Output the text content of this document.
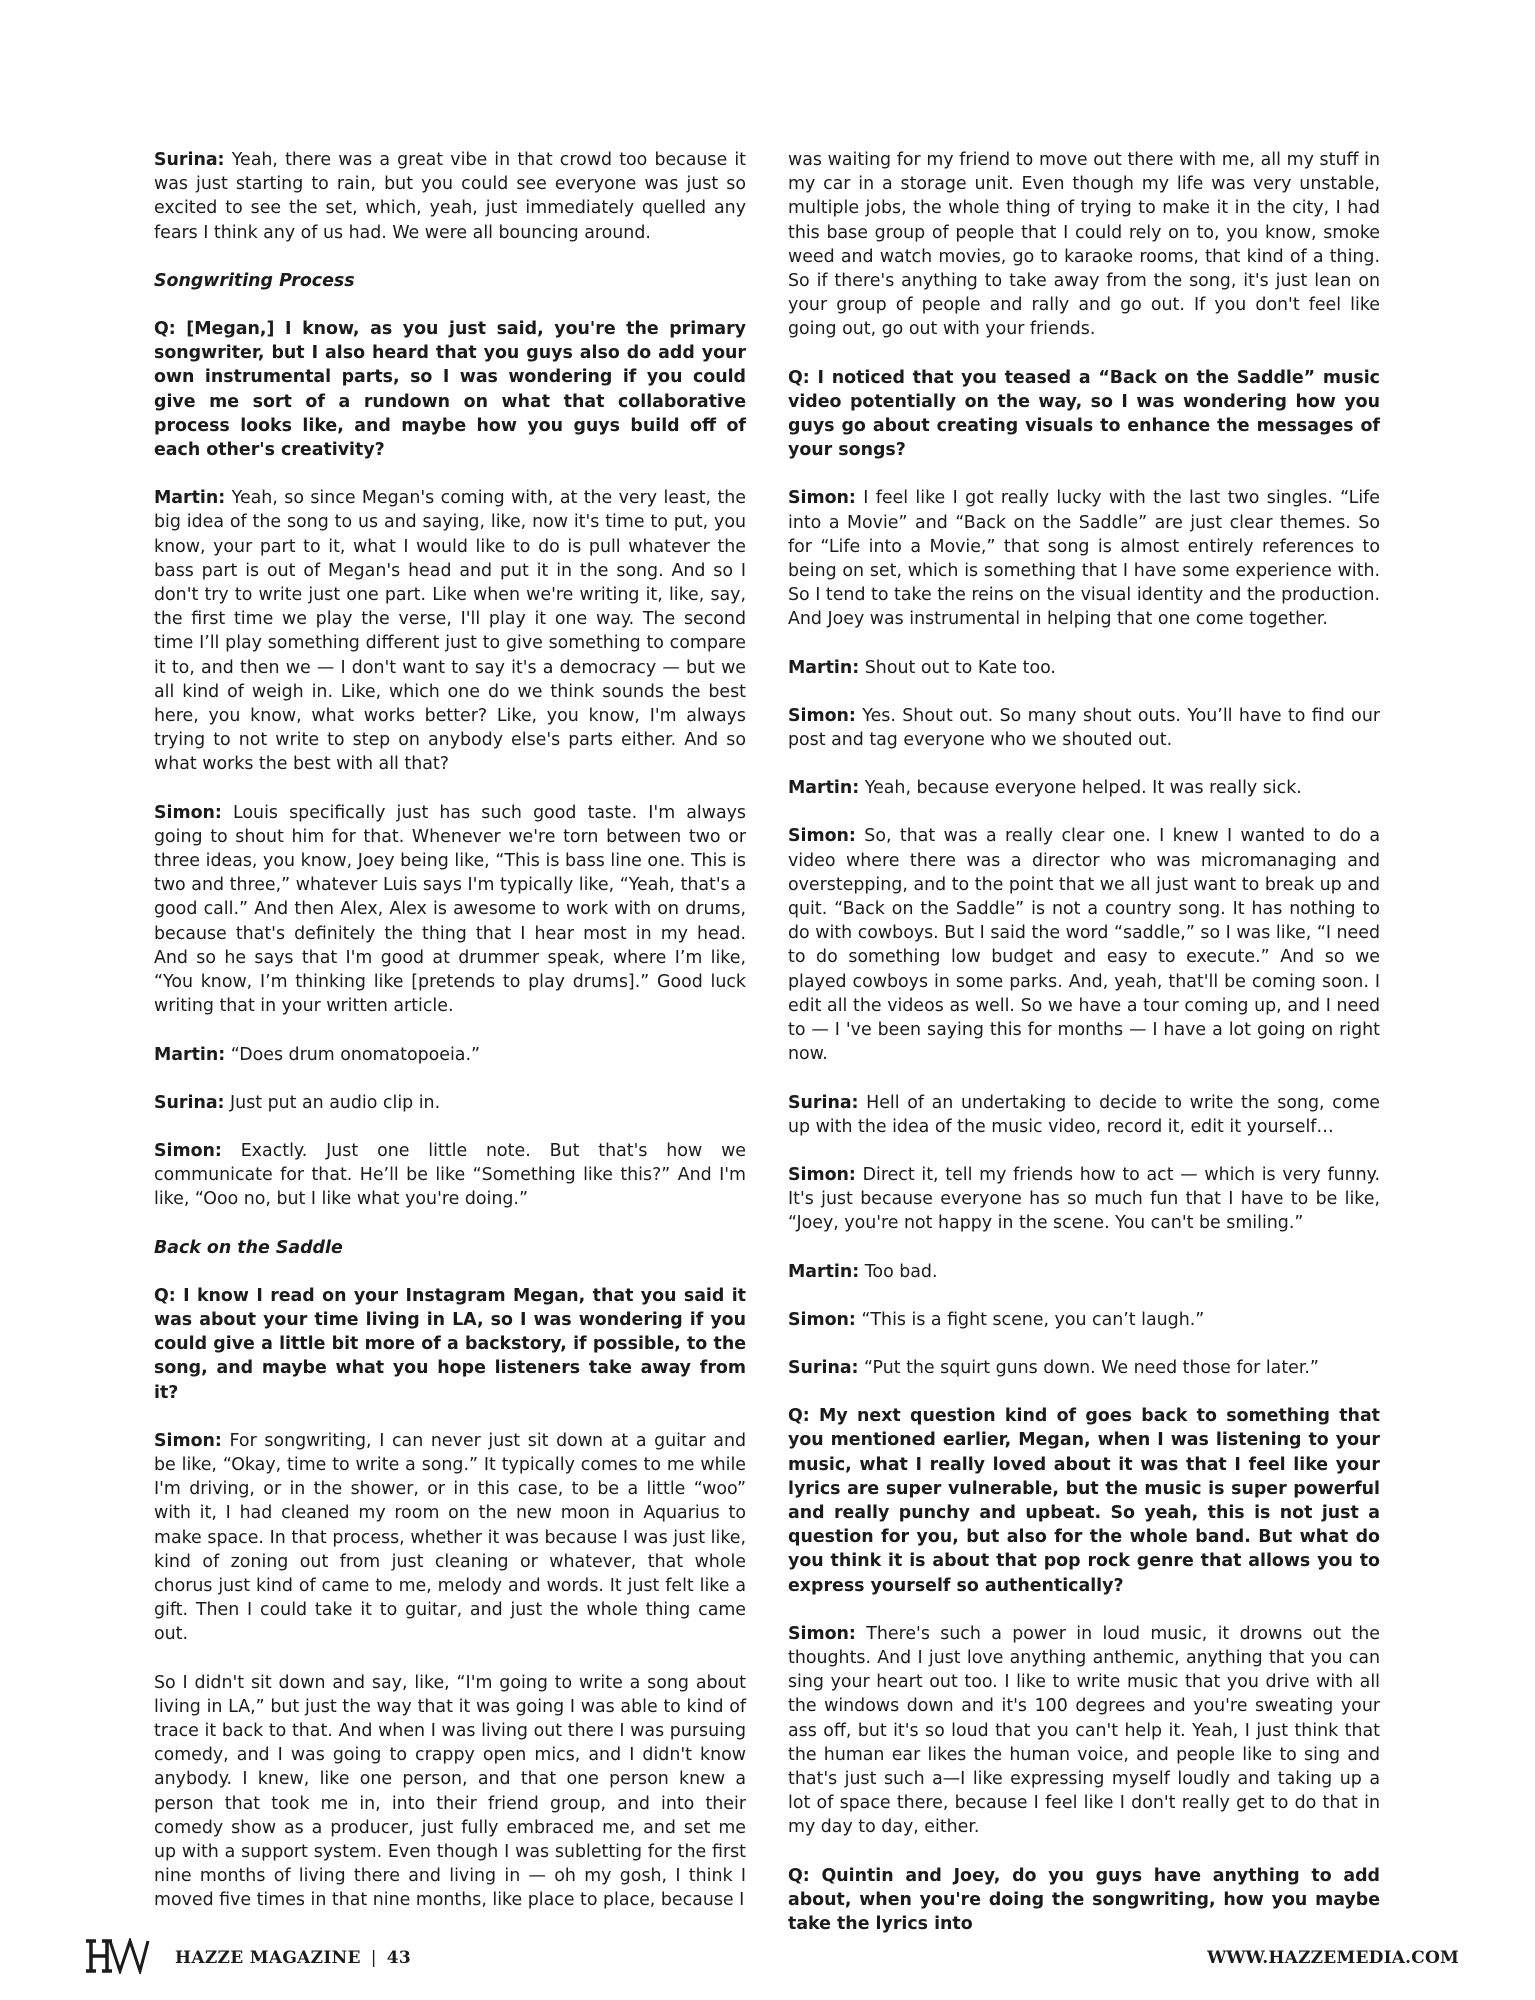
Surina: Yeah, there was a great vibe in that crowd too because it was just starting to rain, but you could see everyone was just so excited to see the set, which, yeah, just immediately quelled any fears I think any of us had. We were all bouncing around.

Songwriting Process

Q: [Megan,] I know, as you just said, you're the primary songwriter, but I also heard that you guys also do add your own instrumental parts, so I was wondering if you could give me sort of a rundown on what that collaborative process looks like, and maybe how you guys build off of each other's creativity?

Martin: Yeah, so since Megan's coming with, at the very least, the big idea of the song to us and saying, like, now it's time to put, you know, your part to it, what I would like to do is pull whatever the bass part is out of Megan's head and put it in the song. And so I don't try to write just one part. Like when we're writing it, like, say, the first time we play the verse, I'll play it one way. The second time I’ll play something different just to give something to compare it to, and then we — I don't want to say it's a democracy — but we all kind of weigh in. Like, which one do we think sounds the best here, you know, what works better? Like, you know, I'm always trying to not write to step on anybody else's parts either. And so what works the best with all that?

Simon: Louis specifically just has such good taste. I'm always going to shout him for that. Whenever we're torn between two or three ideas, you know, Joey being like, “This is bass line one. This is two and three,” whatever Luis says I'm typically like, “Yeah, that's a good call.” And then Alex, Alex is awesome to work with on drums, because that's definitely the thing that I hear most in my head. And so he says that I'm good at drummer speak, where I’m like, “You know, I’m thinking like [pretends to play drums].” Good luck writing that in your written article.

Martin: “Does drum onomatopoeia.”

Surina: Just put an audio clip in.

Simon: Exactly. Just one little note. But that's how we communicate for that. He’ll be like “Something like this?” And I'm like, “Ooo no, but I like what you're doing.”

Back on the Saddle

Q: I know I read on your Instagram Megan, that you said it was about your time living in LA, so I was wondering if you could give a little bit more of a backstory, if possible, to the song, and maybe what you hope listeners take away from it?

Simon: For songwriting, I can never just sit down at a guitar and be like, “Okay, time to write a song.” It typically comes to me while I'm driving, or in the shower, or in this case, to be a little “woo” with it, I had cleaned my room on the new moon in Aquarius to make space. In that process, whether it was because I was just like, kind of zoning out from just cleaning or whatever, that whole chorus just kind of came to me, melody and words. It just felt like a gift. Then I could take it to guitar, and just the whole thing came out.

So I didn't sit down and say, like, “I'm going to write a song about living in LA,” but just the way that it was going I was able to kind of trace it back to that. And when I was living out there I was pursuing comedy, and I was going to crappy open mics, and I didn't know anybody. I knew, like one person, and that one person knew a person that took me in, into their friend group, and into their comedy show as a producer, just fully embraced me, and set me up with a support system. Even though I was subletting for the first nine months of living there and living in — oh my gosh, I think I moved five times in that nine months, like place to place, because I

was waiting for my friend to move out there with me, all my stuff in my car in a storage unit. Even though my life was very unstable, multiple jobs, the whole thing of trying to make it in the city, I had this base group of people that I could rely on to, you know, smoke weed and watch movies, go to karaoke rooms, that kind of a thing. So if there's anything to take away from the song, it's just lean on your group of people and rally and go out. If you don't feel like going out, go out with your friends.

Q: I noticed that you teased a “Back on the Saddle” music video potentially on the way, so I was wondering how you guys go about creating visuals to enhance the messages of your songs?

Simon: I feel like I got really lucky with the last two singles. “Life into a Movie” and “Back on the Saddle” are just clear themes. So for “Life into a Movie,” that song is almost entirely references to being on set, which is something that I have some experience with. So I tend to take the reins on the visual identity and the production. And Joey was instrumental in helping that one come together.

Martin: Shout out to Kate too.

Simon: Yes. Shout out. So many shout outs. You’ll have to find our post and tag everyone who we shouted out.

Martin: Yeah, because everyone helped. It was really sick.

Simon: So, that was a really clear one. I knew I wanted to do a video where there was a director who was micromanaging and overstepping, and to the point that we all just want to break up and quit. “Back on the Saddle” is not a country song. It has nothing to do with cowboys. But I said the word “saddle,” so I was like, “I need to do something low budget and easy to execute.” And so we played cowboys in some parks. And, yeah, that'll be coming soon. I edit all the videos as well. So we have a tour coming up, and I need to — I 've been saying this for months — I have a lot going on right now.

Surina: Hell of an undertaking to decide to write the song, come up with the idea of the music video, record it, edit it yourself…

Simon: Direct it, tell my friends how to act — which is very funny. It's just because everyone has so much fun that I have to be like, “Joey, you're not happy in the scene. You can't be smiling.”

Martin: Too bad.

Simon: “This is a fight scene, you can’t laugh.”

Surina: “Put the squirt guns down. We need those for later.”

Q: My next question kind of goes back to something that you mentioned earlier, Megan, when I was listening to your music, what I really loved about it was that I feel like your lyrics are super vulnerable, but the music is super powerful and really punchy and upbeat. So yeah, this is not just a question for you, but also for the whole band. But what do you think it is about that pop rock genre that allows you to express yourself so authentically?

Simon: There's such a power in loud music, it drowns out the thoughts. And I just love anything anthemic, anything that you can sing your heart out too. I like to write music that you drive with all the windows down and it's 100 degrees and you're sweating your ass off, but it's so loud that you can't help it. Yeah, I just think that the human ear likes the human voice, and people like to sing and that's just such a—I like expressing myself loudly and taking up a lot of space there, because I feel like I don't really get to do that in my day to day, either.

Q: Quintin and Joey, do you guys have anything to add about, when you're doing the songwriting, how you maybe take the lyrics into

HAZZE MAGAZINE | 43	WWW.HAZZEMEDIA.COM
